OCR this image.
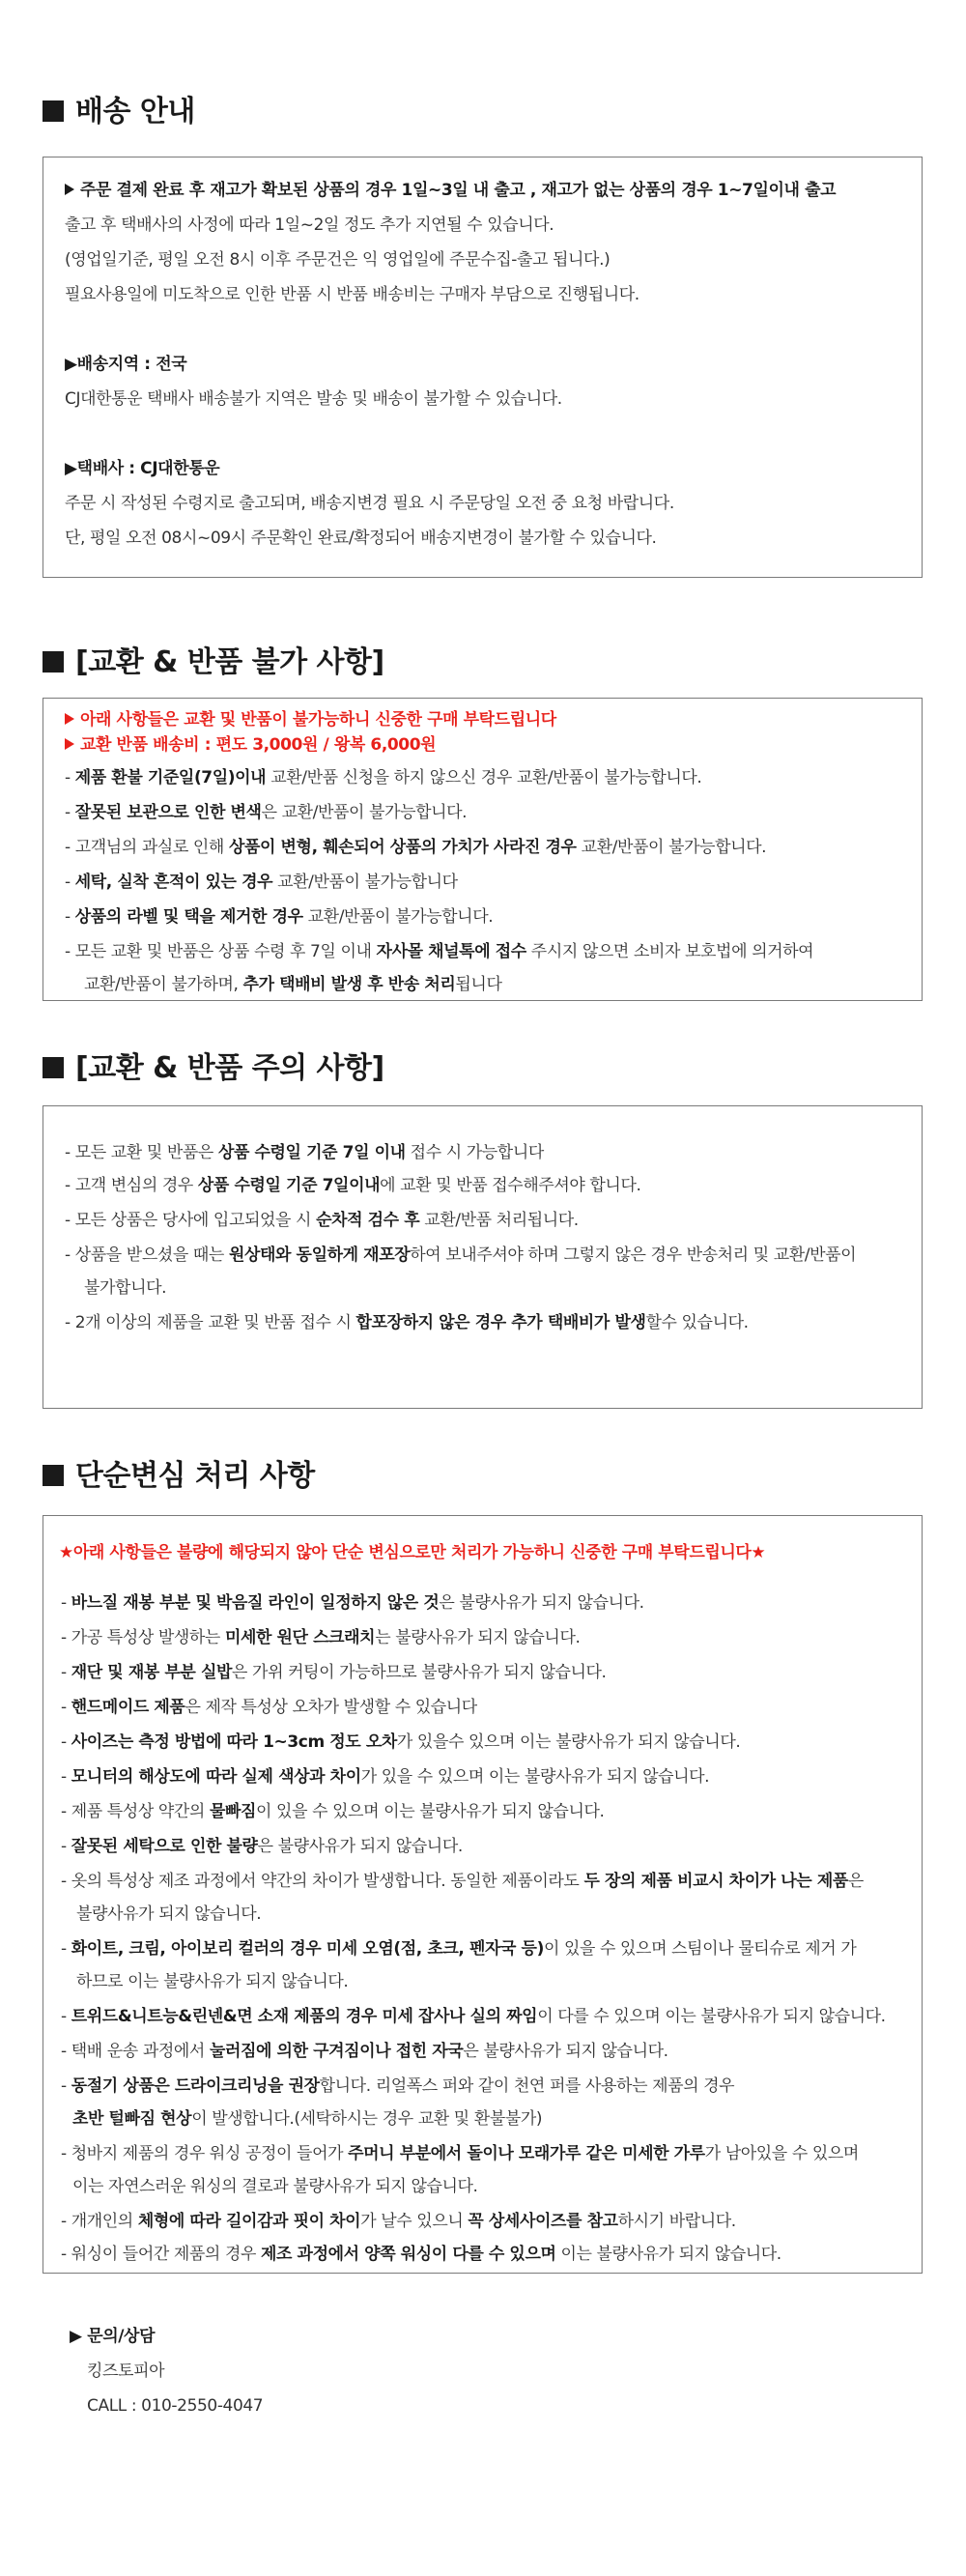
배송 안내
주문 결제 완료 후 재고가 확보된 상품의 경우 1일~3일 내 출고 , 재고가 없는 상품의 경우 1~7일이내 출고
출고 후 택배사의 사정에 따라 1일~2일 정도 추가 지연될 수 있습니다.
(영업일기준, 평일 오전 8시 이후 주문건은 익 영업일에 주문수집-출고 됩니다.)
필요사용일에 미도착으로 인한 반품 시 반품 배송비는 구매자 부담으로 진행됩니다.
▶배송지역 : 전국
CJ대한통운 택배사 배송불가 지역은 발송 및 배송이 불가할 수 있습니다.
▶택배사 : CJ대한통운
주문 시 작성된 수령지로 출고되며, 배송지변경 필요 시 주문당일 오전 중 요청 바랍니다.
단, 평일 오전 08시~09시 주문확인 완료/확정되어 배송지변경이 불가할 수 있습니다.
[교환 & 반품 불가 사항]
아래 사항들은 교환 및 반품이 불가능하니 신중한 구매 부탁드립니다
교환 반품 배송비 : 편도 3,000원 / 왕복 6,000원
- 제품 환불 기준일(7일)이내 교환/반품 신청을 하지 않으신 경우 교환/반품이 불가능합니다.
- 잘못된 보관으로 인한 변색은 교환/반품이 불가능합니다.
- 고객님의 과실로 인해 상품이 변형, 훼손되어 상품의 가치가 사라진 경우 교환/반품이 불가능합니다.
- 세탁, 실착 흔적이 있는 경우 교환/반품이 불가능합니다
- 상품의 라벨 및 택을 제거한 경우 교환/반품이 불가능합니다.
- 모든 교환 및 반품은 상품 수령 후 7일 이내 자사몰 채널톡에 접수 주시지 않으면 소비자 보호법에 의거하여
교환/반품이 불가하며, 추가 택배비 발생 후 반송 처리됩니다
[교환 & 반품 주의 사항]
- 모든 교환 및 반품은 상품 수령일 기준 7일 이내 접수 시 가능합니다
- 고객 변심의 경우 상품 수령일 기준 7일이내에 교환 및 반품 접수해주셔야 합니다.
- 모든 상품은 당사에 입고되었을 시 순차적 검수 후 교환/반품 처리됩니다.
- 상품을 받으셨을 때는 원상태와 동일하게 재포장하여 보내주셔야 하며 그렇지 않은 경우 반송처리 및 교환/반품이
불가합니다.
- 2개 이상의 제품을 교환 및 반품 접수 시 합포장하지 않은 경우 추가 택배비가 발생할수 있습니다.
단순변심 처리 사항
★아래 사항들은 불량에 해당되지 않아 단순 변심으로만 처리가 가능하니 신중한 구매 부탁드립니다★
- 바느질 재봉 부분 및 박음질 라인이 일정하지 않은 것은 불량사유가 되지 않습니다.
- 가공 특성상 발생하는 미세한 원단 스크래치는 불량사유가 되지 않습니다.
- 재단 및 재봉 부분 실밥은 가위 커팅이 가능하므로 불량사유가 되지 않습니다.
- 핸드메이드 제품은 제작 특성상 오차가 발생할 수 있습니다
- 사이즈는 측정 방법에 따라 1~3cm 정도 오차가 있을수 있으며 이는 불량사유가 되지 않습니다.
- 모니터의 해상도에 따라 실제 색상과 차이가 있을 수 있으며 이는 불량사유가 되지 않습니다.
- 제품 특성상 약간의 물빠짐이 있을 수 있으며 이는 불량사유가 되지 않습니다.
- 잘못된 세탁으로 인한 불량은 불량사유가 되지 않습니다.
- 옷의 특성상 제조 과정에서 약간의 차이가 발생합니다. 동일한 제품이라도 두 장의 제품 비교시 차이가 나는 제품은
불량사유가 되지 않습니다.
- 화이트, 크림, 아이보리 컬러의 경우 미세 오염(점, 초크, 펜자국 등)이 있을 수 있으며 스팀이나 물티슈로 제거 가
하므로 이는 불량사유가 되지 않습니다.
- 트위드&니트능&린넨&면 소재 제품의 경우 미세 잡사나 실의 짜임이 다를 수 있으며 이는 불량사유가 되지 않습니다.
- 택배 운송 과정에서 눌러짐에 의한 구겨짐이나 접힌 자국은 불량사유가 되지 않습니다.
- 동절기 상품은 드라이크리닝을 권장합니다. 리얼폭스 퍼와 같이 천연 퍼를 사용하는 제품의 경우
초반 털빠짐 현상이 발생합니다.(세탁하시는 경우 교환 및 환불불가)
- 청바지 제품의 경우 워싱 공정이 들어가 주머니 부분에서 돌이나 모래가루 같은 미세한 가루가 남아있을 수 있으며
이는 자연스러운 워싱의 결로과 불량사유가 되지 않습니다.
- 개개인의 체형에 따라 길이감과 핏이 차이가 날수 있으니 꼭 상세사이즈를 참고하시기 바랍니다.
- 워싱이 들어간 제품의 경우 제조 과정에서 양쪽 워싱이 다를 수 있으며 이는 불량사유가 되지 않습니다.
▶ 문의/상담
킹즈토피아
CALL : 010-2550-4047
